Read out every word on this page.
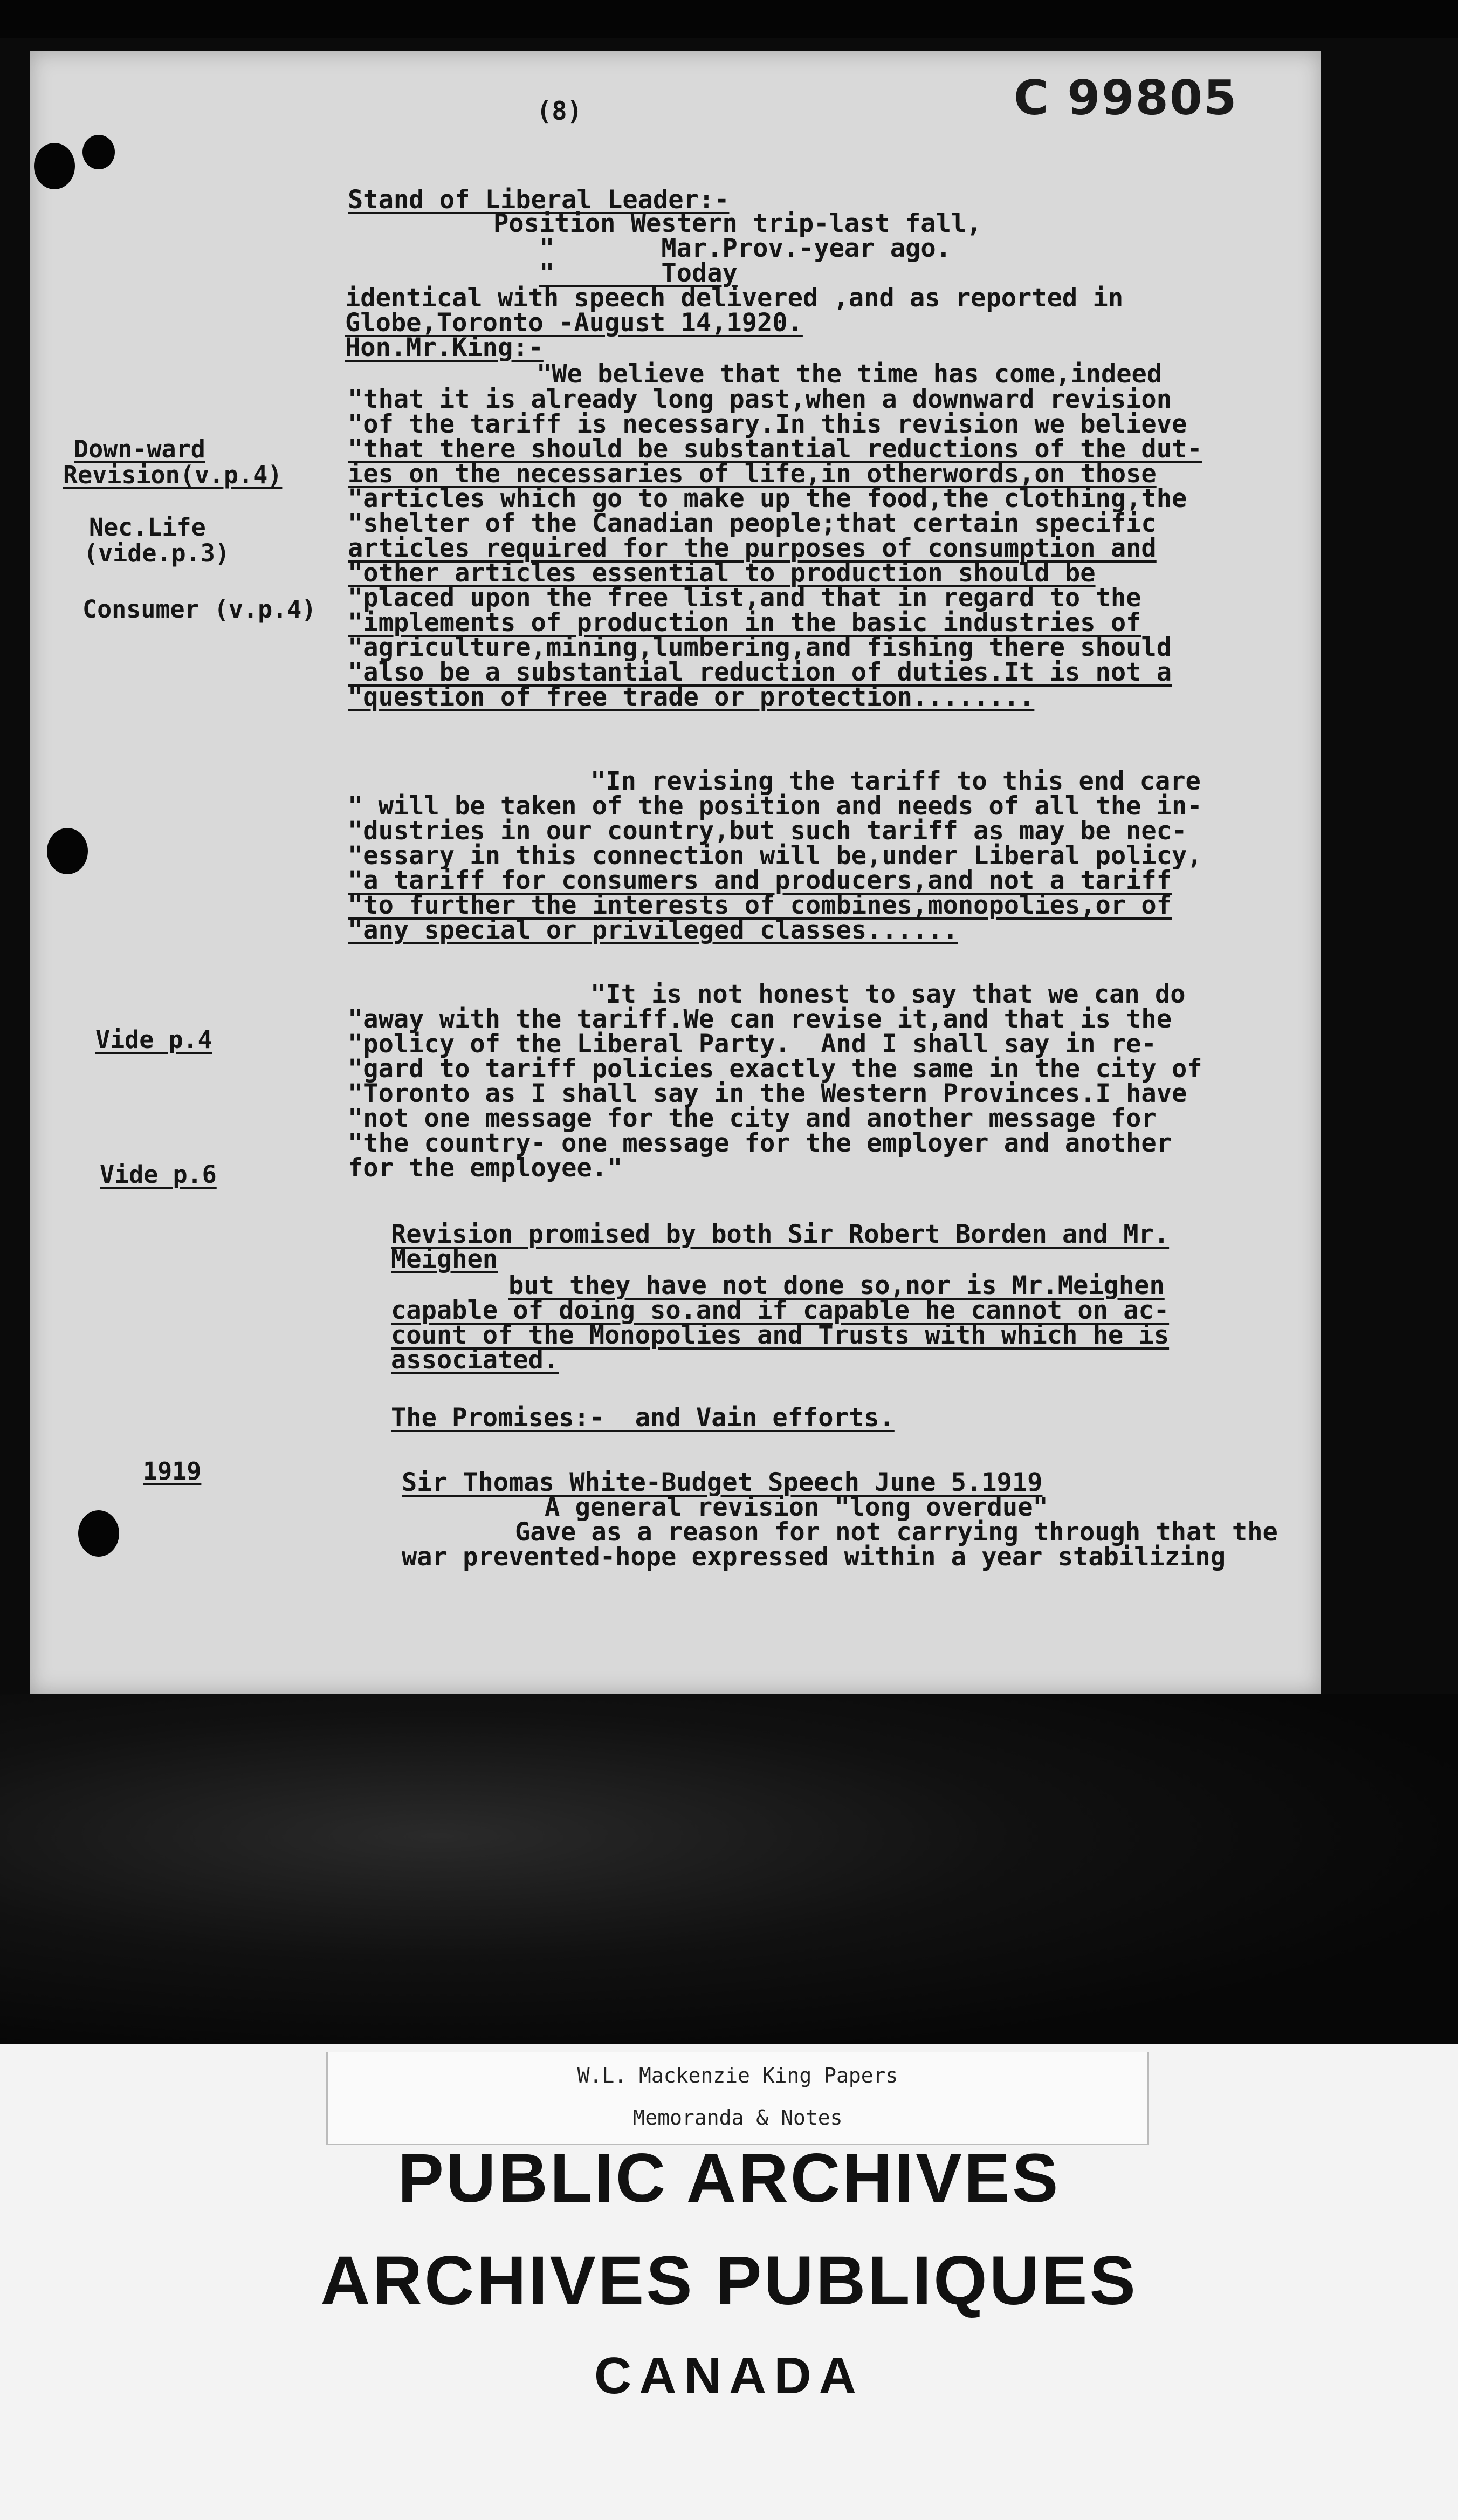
(8)

Down-ward

Revision(v.p.4)

Nec.Life

(vide.p.3)

Consumer (v.p.4)

Vide p.4

Vide p.6

1919

Stand of Liberal Leader:-

Position Western trip-last fall,

"       Mar.Prov.-year ago.

"       Today

identical with speech delivered ,and as reported in

Globe,Toronto -August 14,1920.

Hon.Mr.King:-

"We believe that the time has come,indeed

"that it is already long past,when a downward revision

"of the tariff is necessary.In this revision we believe

"that there should be substantial reductions of the dut-

ies on the necessaries of life,in otherwords,on those

"articles which go to make up the food,the clothing,the

"shelter of the Canadian people;that certain specific

articles required for the purposes of consumption and

"other articles essential to production should be

"placed upon the free list,and that in regard to the

"implements of production in the basic industries of

"agriculture,mining,lumbering,and fishing there should

"also be a substantial reduction of duties.It is not a

"question of free trade or protection........

"In revising the tariff to this end care

" will be taken of the position and needs of all the in-

"dustries in our country,but such tariff as may be nec-

"essary in this connection will be,under Liberal policy,

"a tariff for consumers and producers,and not a tariff

"to further the interests of combines,monopolies,or of

"any special or privileged classes......

"It is not honest to say that we can do

"away with the tariff.We can revise it,and that is the

"policy of the Liberal Party.  And I shall say in re-

"gard to tariff policies exactly the same in the city of

"Toronto as I shall say in the Western Provinces.I have

"not one message for the city and another message for

"the country- one message for the employer and another

for the employee."

Revision promised by both Sir Robert Borden and Mr.

Meighen

but they have not done so,nor is Mr.Meighen

capable of doing so.and if capable he cannot on ac-

count of the Monopolies and Trusts with which he is

associated.

The Promises:-  and Vain efforts.

Sir Thomas White-Budget Speech June 5.1919

A general revision "long overdue"

Gave as a reason for not carrying through that the

war prevented-hope expressed within a year stabilizing

C 99805

W.L. Mackenzie King Papers

Memoranda & Notes

PUBLIC ARCHIVES

ARCHIVES PUBLIQUES

CANADA
